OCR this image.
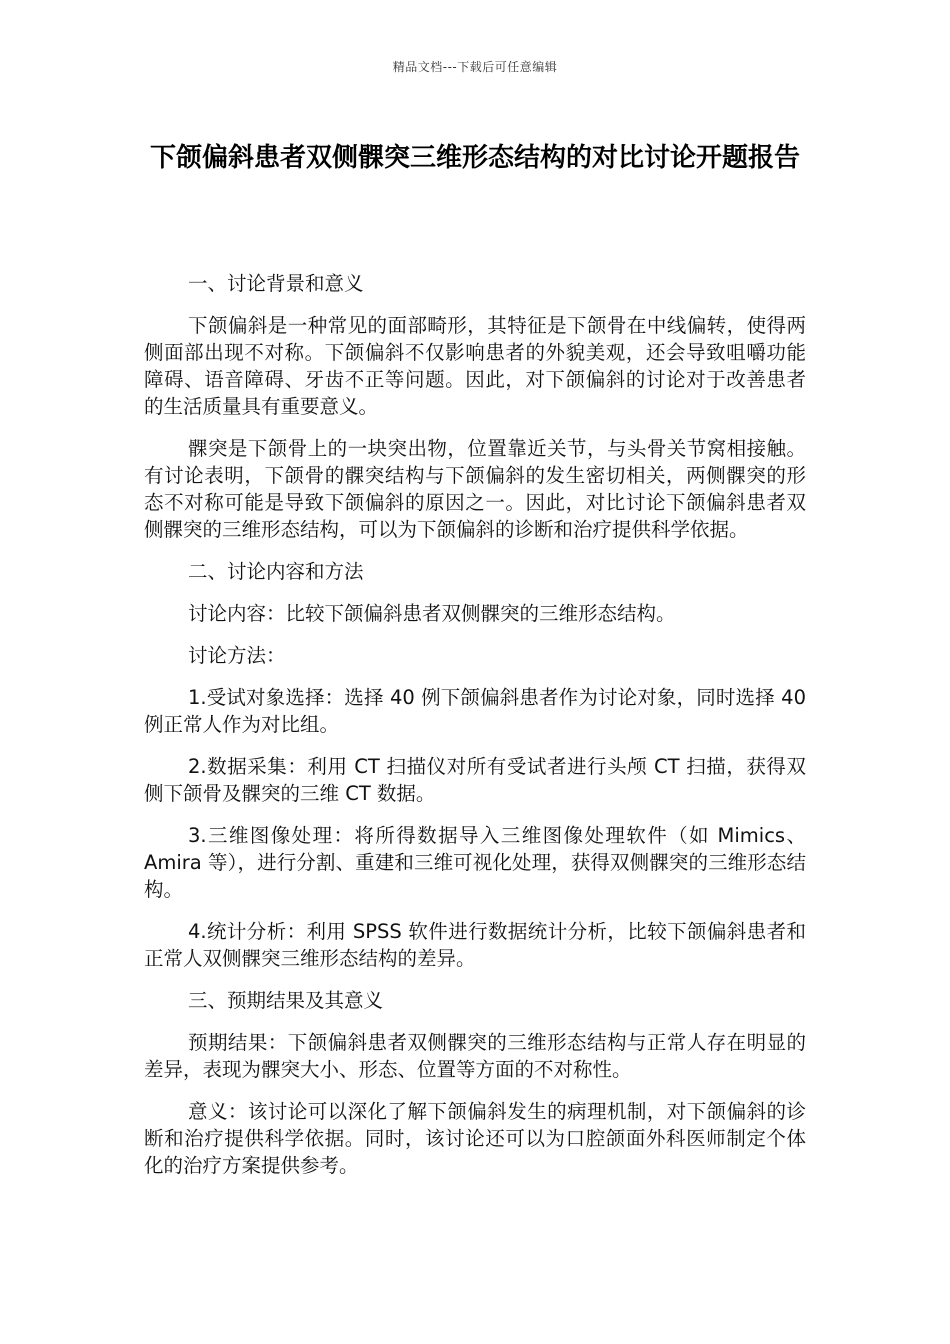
精品文档---下载后可任意编辑
下颌偏斜患者双侧髁突三维形态结构的对比讨论开题报告

一、讨论背景和意义

下颌偏斜是一种常见的面部畸形，其特征是下颌骨在中线偏转，使得两侧面部出现不对称。下颌偏斜不仅影响患者的外貌美观，还会导致咀嚼功能障碍、语音障碍、牙齿不正等问题。因此，对下颌偏斜的讨论对于改善患者的生活质量具有重要意义。

髁突是下颌骨上的一块突出物，位置靠近关节，与头骨关节窝相接触。有讨论表明，下颌骨的髁突结构与下颌偏斜的发生密切相关，两侧髁突的形态不对称可能是导致下颌偏斜的原因之一。因此，对比讨论下颌偏斜患者双侧髁突的三维形态结构，可以为下颌偏斜的诊断和治疗提供科学依据。

二、讨论内容和方法

讨论内容：比较下颌偏斜患者双侧髁突的三维形态结构。

讨论方法：

1.受试对象选择：选择 40 例下颌偏斜患者作为讨论对象，同时选择 40 例正常人作为对比组。

2.数据采集：利用 CT 扫描仪对所有受试者进行头颅 CT 扫描，获得双侧下颌骨及髁突的三维 CT 数据。

3.三维图像处理：将所得数据导入三维图像处理软件（如 Mimics、Amira 等），进行分割、重建和三维可视化处理，获得双侧髁突的三维形态结构。

4.统计分析：利用 SPSS 软件进行数据统计分析，比较下颌偏斜患者和正常人双侧髁突三维形态结构的差异。

三、预期结果及其意义

预期结果：下颌偏斜患者双侧髁突的三维形态结构与正常人存在明显的差异，表现为髁突大小、形态、位置等方面的不对称性。

意义：该讨论可以深化了解下颌偏斜发生的病理机制，对下颌偏斜的诊断和治疗提供科学依据。同时，该讨论还可以为口腔颌面外科医师制定个体化的治疗方案提供参考。
